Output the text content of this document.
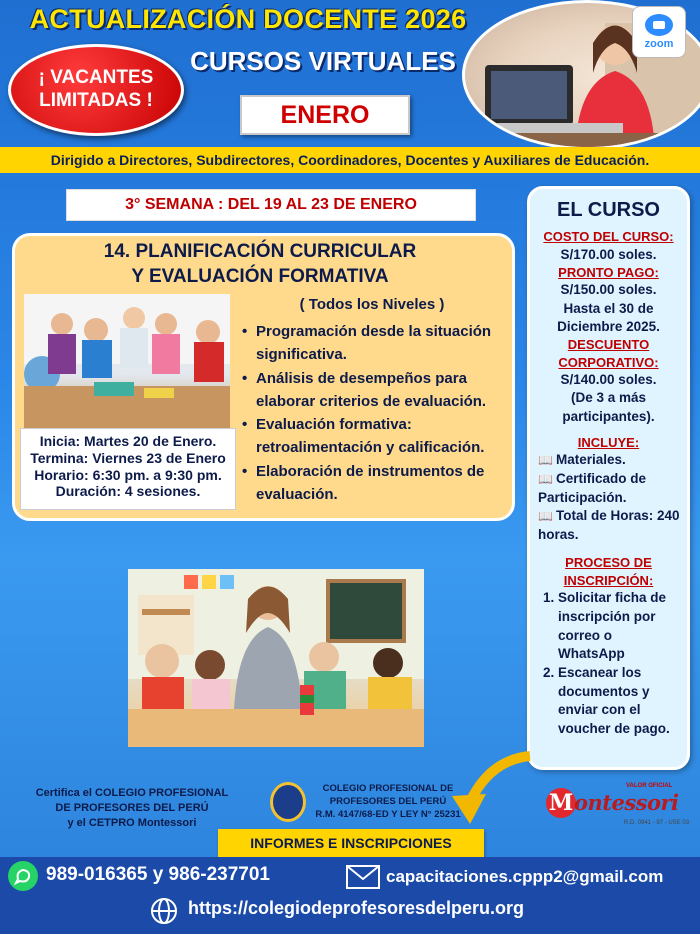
ACTUALIZACIÓN DOCENTE 2026
CURSOS VIRTUALES
¡ VACANTES
LIMITADAS !	ENERO
zoom
Dirigido a Directores, Subdirectores, Coordinadores, Docentes y Auxiliares de Educación.
3° SEMANA : DEL 19 AL 23 DE ENERO
14. PLANIFICACIÓN CURRICULAR
Y EVALUACIÓN FORMATIVA
Inicia: Martes 20 de Enero.
Termina: Viernes 23 de Enero
Horario: 6:30 pm. a 9:30 pm.
Duración: 4 sesiones.
( Todos los Niveles )
• Programación desde la situación significativa.
• Análisis de desempeños para elaborar criterios de evaluación.
• Evaluación formativa: retroalimentación y calificación.
• Elaboración de instrumentos de evaluación.
EL CURSO
COSTO DEL CURSO:
S/170.00 soles.
PRONTO PAGO:
S/150.00 soles.
Hasta el 30 de
Diciembre 2025.
DESCUENTO
CORPORATIVO:
S/140.00 soles.
(De 3 a más
participantes).
INCLUYE:
📖 Materiales.
📖 Certificado de Participación.
📖 Total de Horas: 240 horas.
PROCESO DE
INSCRIPCIÓN:
1. Solicitar ficha de inscripción por correo o WhatsApp
2. Escanear los documentos y enviar con el voucher de pago.
Certifica el COLEGIO PROFESIONAL
DE PROFESORES DEL PERÚ
y el CETPRO Montessori
COLEGIO PROFESIONAL DE
PROFESORES DEL PERÚ
R.M. 4147/68-ED Y LEY N° 25231
VALOR OFICIAL
M ontessori
R.D. 0941 - 97 - USE 03
INFORMES E INSCRIPCIONES
989-016365 y 986-237701	capacitaciones.cppp2@gmail.com
https://colegiodeprofesoresdelperu.org
